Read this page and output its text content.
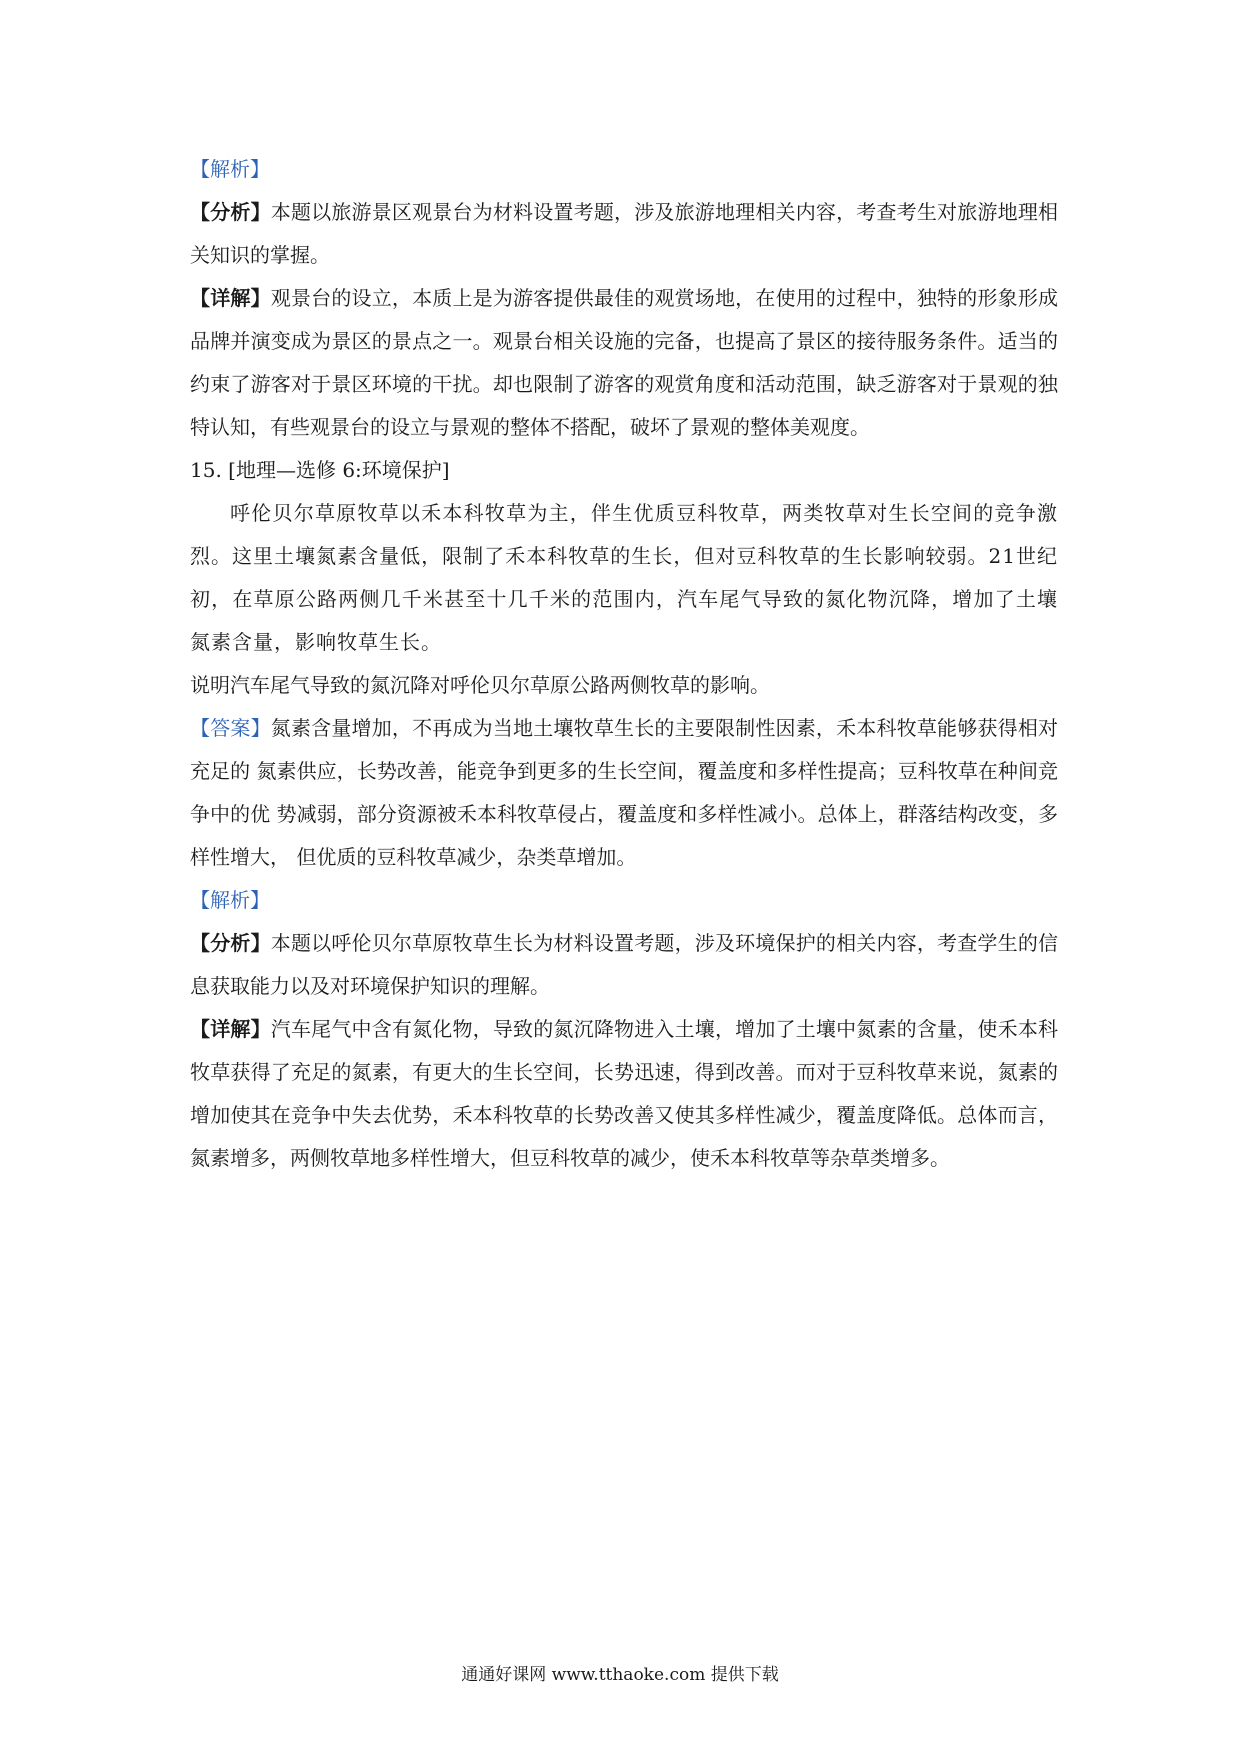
【解析】

【分析】本题以旅游景区观景台为材料设置考题，涉及旅游地理相关内容，考查考生对旅游地理相关知识的掌握。

【详解】观景台的设立，本质上是为游客提供最佳的观赏场地，在使用的过程中，独特的形象形成品牌并演变成为景区的景点之一。观景台相关设施的完备，也提高了景区的接待服务条件。适当的约束了游客对于景区环境的干扰。却也限制了游客的观赏角度和活动范围，缺乏游客对于景观的独特认知，有些观景台的设立与景观的整体不搭配，破坏了景观的整体美观度。

15. [地理—选修 6:环境保护]

呼伦贝尔草原牧草以禾本科牧草为主，伴生优质豆科牧草，两类牧草对生长空间的竞争激烈。这里土壤氮素含量低，限制了禾本科牧草的生长，但对豆科牧草的生长影响较弱。21世纪初，在草原公路两侧几千米甚至十几千米的范围内，汽车尾气导致的氮化物沉降，增加了土壤氮素含量，影响牧草生长。

说明汽车尾气导致的氮沉降对呼伦贝尔草原公路两侧牧草的影响。

【答案】氮素含量增加，不再成为当地土壤牧草生长的主要限制性因素，禾本科牧草能够获得相对充足的 氮素供应，长势改善，能竞争到更多的生长空间，覆盖度和多样性提高；豆科牧草在种间竞争中的优 势减弱，部分资源被禾本科牧草侵占，覆盖度和多样性减小。总体上，群落结构改变，多样性增大， 但优质的豆科牧草减少，杂类草增加。

【解析】

【分析】本题以呼伦贝尔草原牧草生长为材料设置考题，涉及环境保护的相关内容，考查学生的信息获取能力以及对环境保护知识的理解。

【详解】汽车尾气中含有氮化物，导致的氮沉降物进入土壤，增加了土壤中氮素的含量，使禾本科牧草获得了充足的氮素，有更大的生长空间，长势迅速，得到改善。而对于豆科牧草来说，氮素的增加使其在竞争中失去优势，禾本科牧草的长势改善又使其多样性减少，覆盖度降低。总体而言，氮素增多，两侧牧草地多样性增大，但豆科牧草的减少，使禾本科牧草等杂草类增多。

通通好课网 www.tthaoke.com 提供下载
